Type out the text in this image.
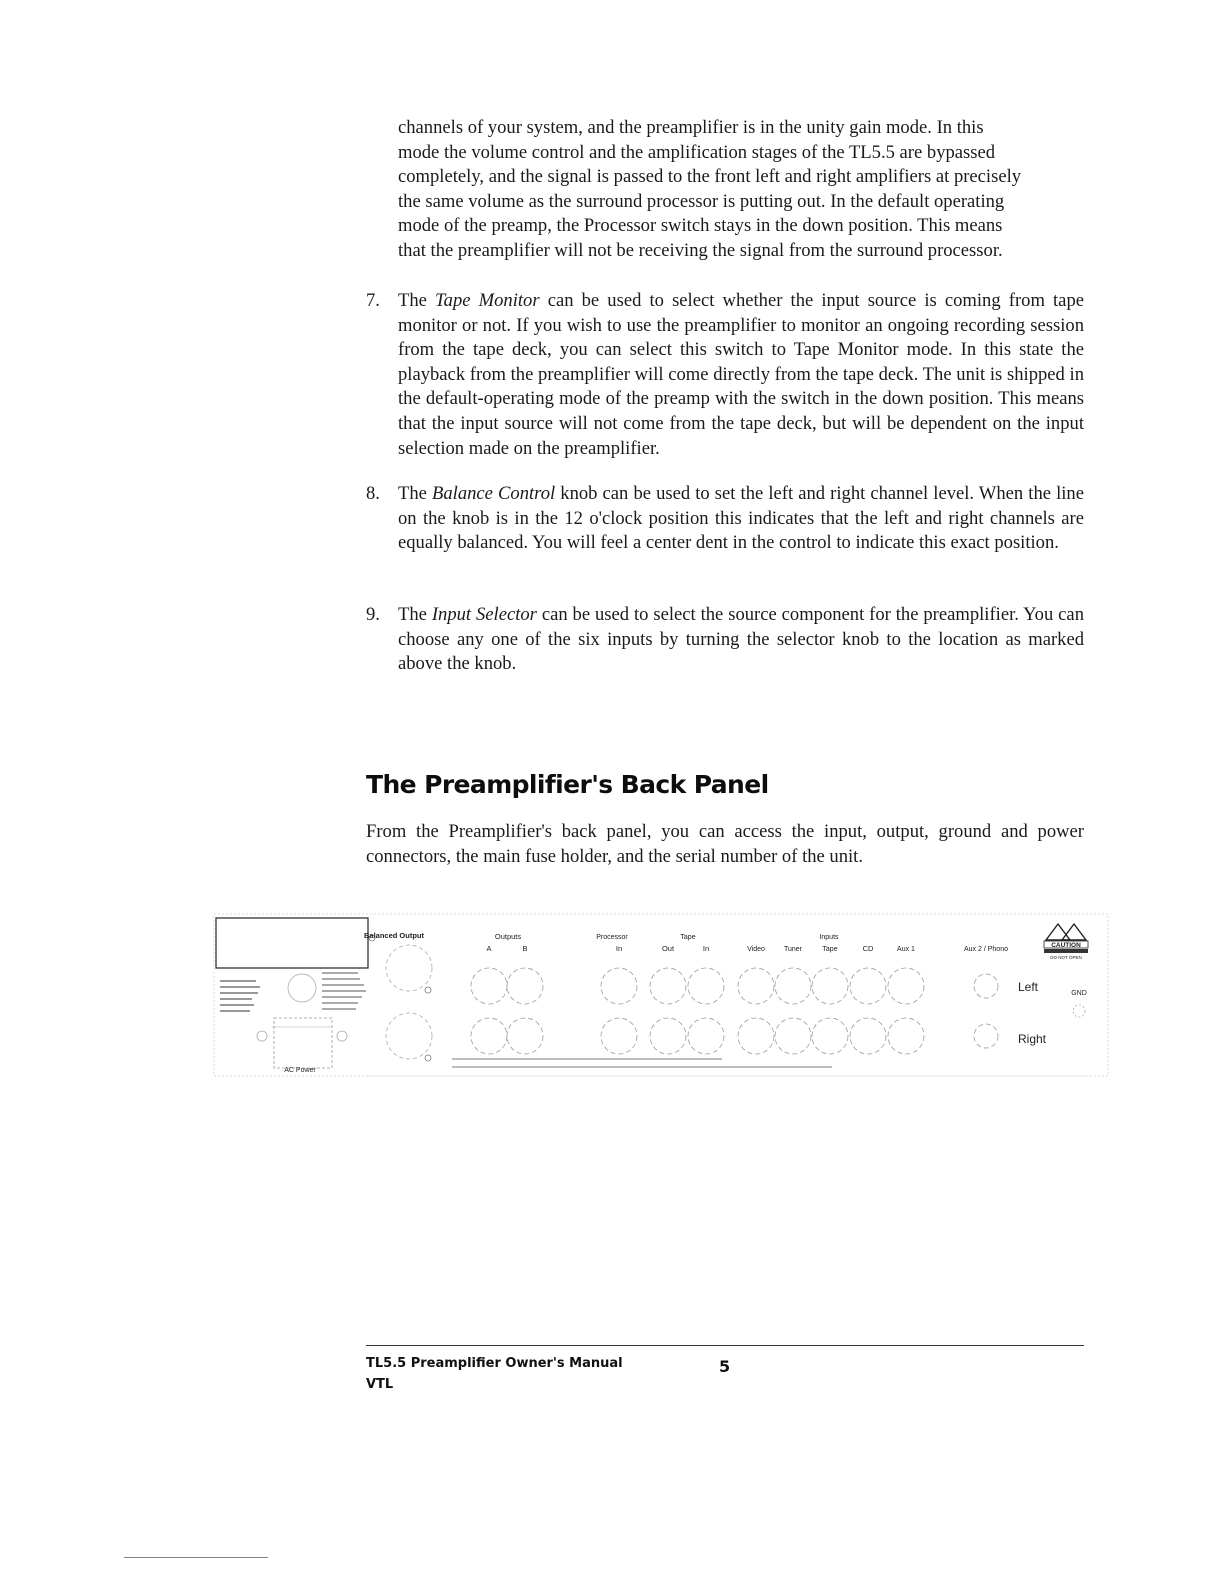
channels of your system, and the preamplifier is in the unity gain mode. In this
mode the volume control and the amplification stages of the TL5.5 are bypassed
completely, and the signal is passed to the front left and right amplifiers at precisely
the same volume as the surround processor is putting out. In the default operating
mode of the preamp, the Processor switch stays in the down position. This means
that the preamplifier will not be receiving the signal from the surround processor.
7. The Tape Monitor can be used to select whether the input source is coming from tape monitor or not. If you wish to use the preamplifier to monitor an ongoing recording session from the tape deck, you can select this switch to Tape Monitor mode. In this state the playback from the preamplifier will come directly from the tape deck. The unit is shipped in the default-operating mode of the preamp with the switch in the down position. This means that the input source will not come from the tape deck, but will be dependent on the input selection made on the preamplifier.
8. The Balance Control knob can be used to set the left and right channel level. When the line on the knob is in the 12 o'clock position this indicates that the left and right channels are equally balanced. You will feel a center dent in the control to indicate this exact position.
9. The Input Selector can be used to select the source component for the preamplifier. You can choose any one of the six inputs by turning the selector knob to the location as marked above the knob.
The Preamplifier's Back Panel

From the Preamplifier's back panel, you can access the input, output, ground and power connectors, the main fuse holder, and the serial number of the unit.

Balanced Output	Outputs
A	B
Processor
In
Tape
Out	In
Inputs
Video	Tuner	Tape	CD	Aux 1	Aux 2 / Phono
Left
Right
GND
AC Power
CAUTION
DO NOT OPEN
TL5.5 Preamplifier Owner's Manual	5
VTL
